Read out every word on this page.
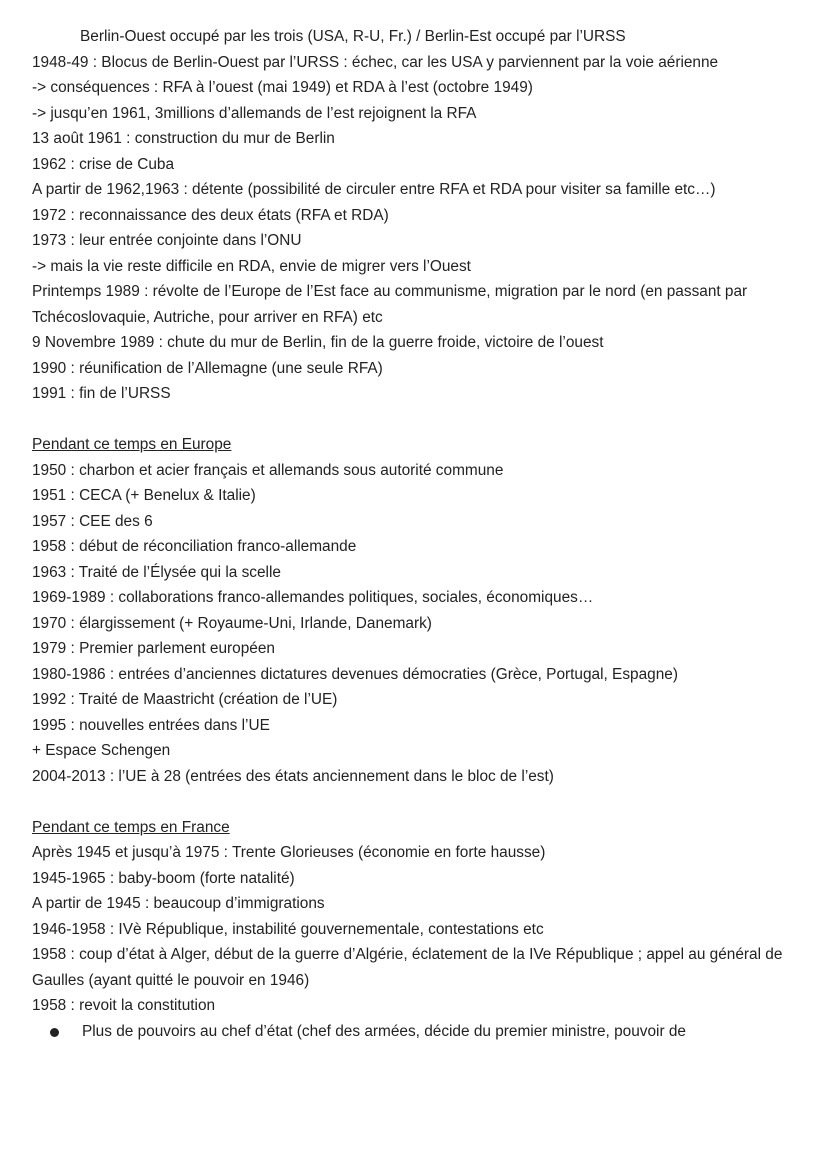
Berlin-Ouest occupé par les trois (USA, R-U, Fr.) / Berlin-Est occupé par l’URSS
1948-49 : Blocus de Berlin-Ouest par l’URSS : échec, car les USA y parviennent par la voie aérienne
-> conséquences : RFA à l’ouest (mai 1949) et RDA à l’est (octobre 1949)
-> jusqu’en 1961, 3millions d’allemands de l’est rejoignent la RFA
13 août 1961 : construction du mur de Berlin
1962 : crise de Cuba
A partir de 1962,1963 : détente (possibilité de circuler entre RFA et RDA pour visiter sa famille etc…)
1972 : reconnaissance des deux états (RFA et RDA)
1973 : leur entrée conjointe dans l’ONU
-> mais la vie reste difficile en RDA, envie de migrer vers l’Ouest
Printemps 1989 : révolte de l’Europe de l’Est face au communisme, migration par le nord (en passant par Tchécoslovaquie, Autriche, pour arriver en RFA) etc
9 Novembre 1989 : chute du mur de Berlin, fin de la guerre froide, victoire de l’ouest
1990 : réunification de l’Allemagne (une seule RFA)
1991 : fin de l’URSS
Pendant ce temps en Europe
1950 : charbon et acier français et allemands sous autorité commune
1951 : CECA (+ Benelux & Italie)
1957 : CEE des 6
1958 : début de réconciliation franco-allemande
1963 : Traité de l’Élysée qui la scelle
1969-1989 : collaborations franco-allemandes politiques, sociales, économiques…
1970 : élargissement (+ Royaume-Uni, Irlande, Danemark)
1979 : Premier parlement européen
1980-1986 : entrées d’anciennes dictatures devenues démocraties (Grèce, Portugal, Espagne)
1992 : Traité de Maastricht (création de l’UE)
1995 : nouvelles entrées dans l’UE
+ Espace Schengen
2004-2013 : l’UE à 28 (entrées des états anciennement dans le bloc de l’est)
Pendant ce temps en France
Après 1945 et jusqu’à 1975 : Trente Glorieuses (économie en forte hausse)
1945-1965 : baby-boom (forte natalité)
A partir de 1945 : beaucoup d’immigrations
1946-1958 : IVè République, instabilité gouvernementale, contestations etc
1958 : coup d’état à Alger, début de la guerre d’Algérie, éclatement de la IVe République ; appel au général de Gaulles (ayant quitté le pouvoir en 1946)
1958 : revoit la constitution
Plus de pouvoirs au chef d’état (chef des armées, décide du premier ministre, pouvoir de
